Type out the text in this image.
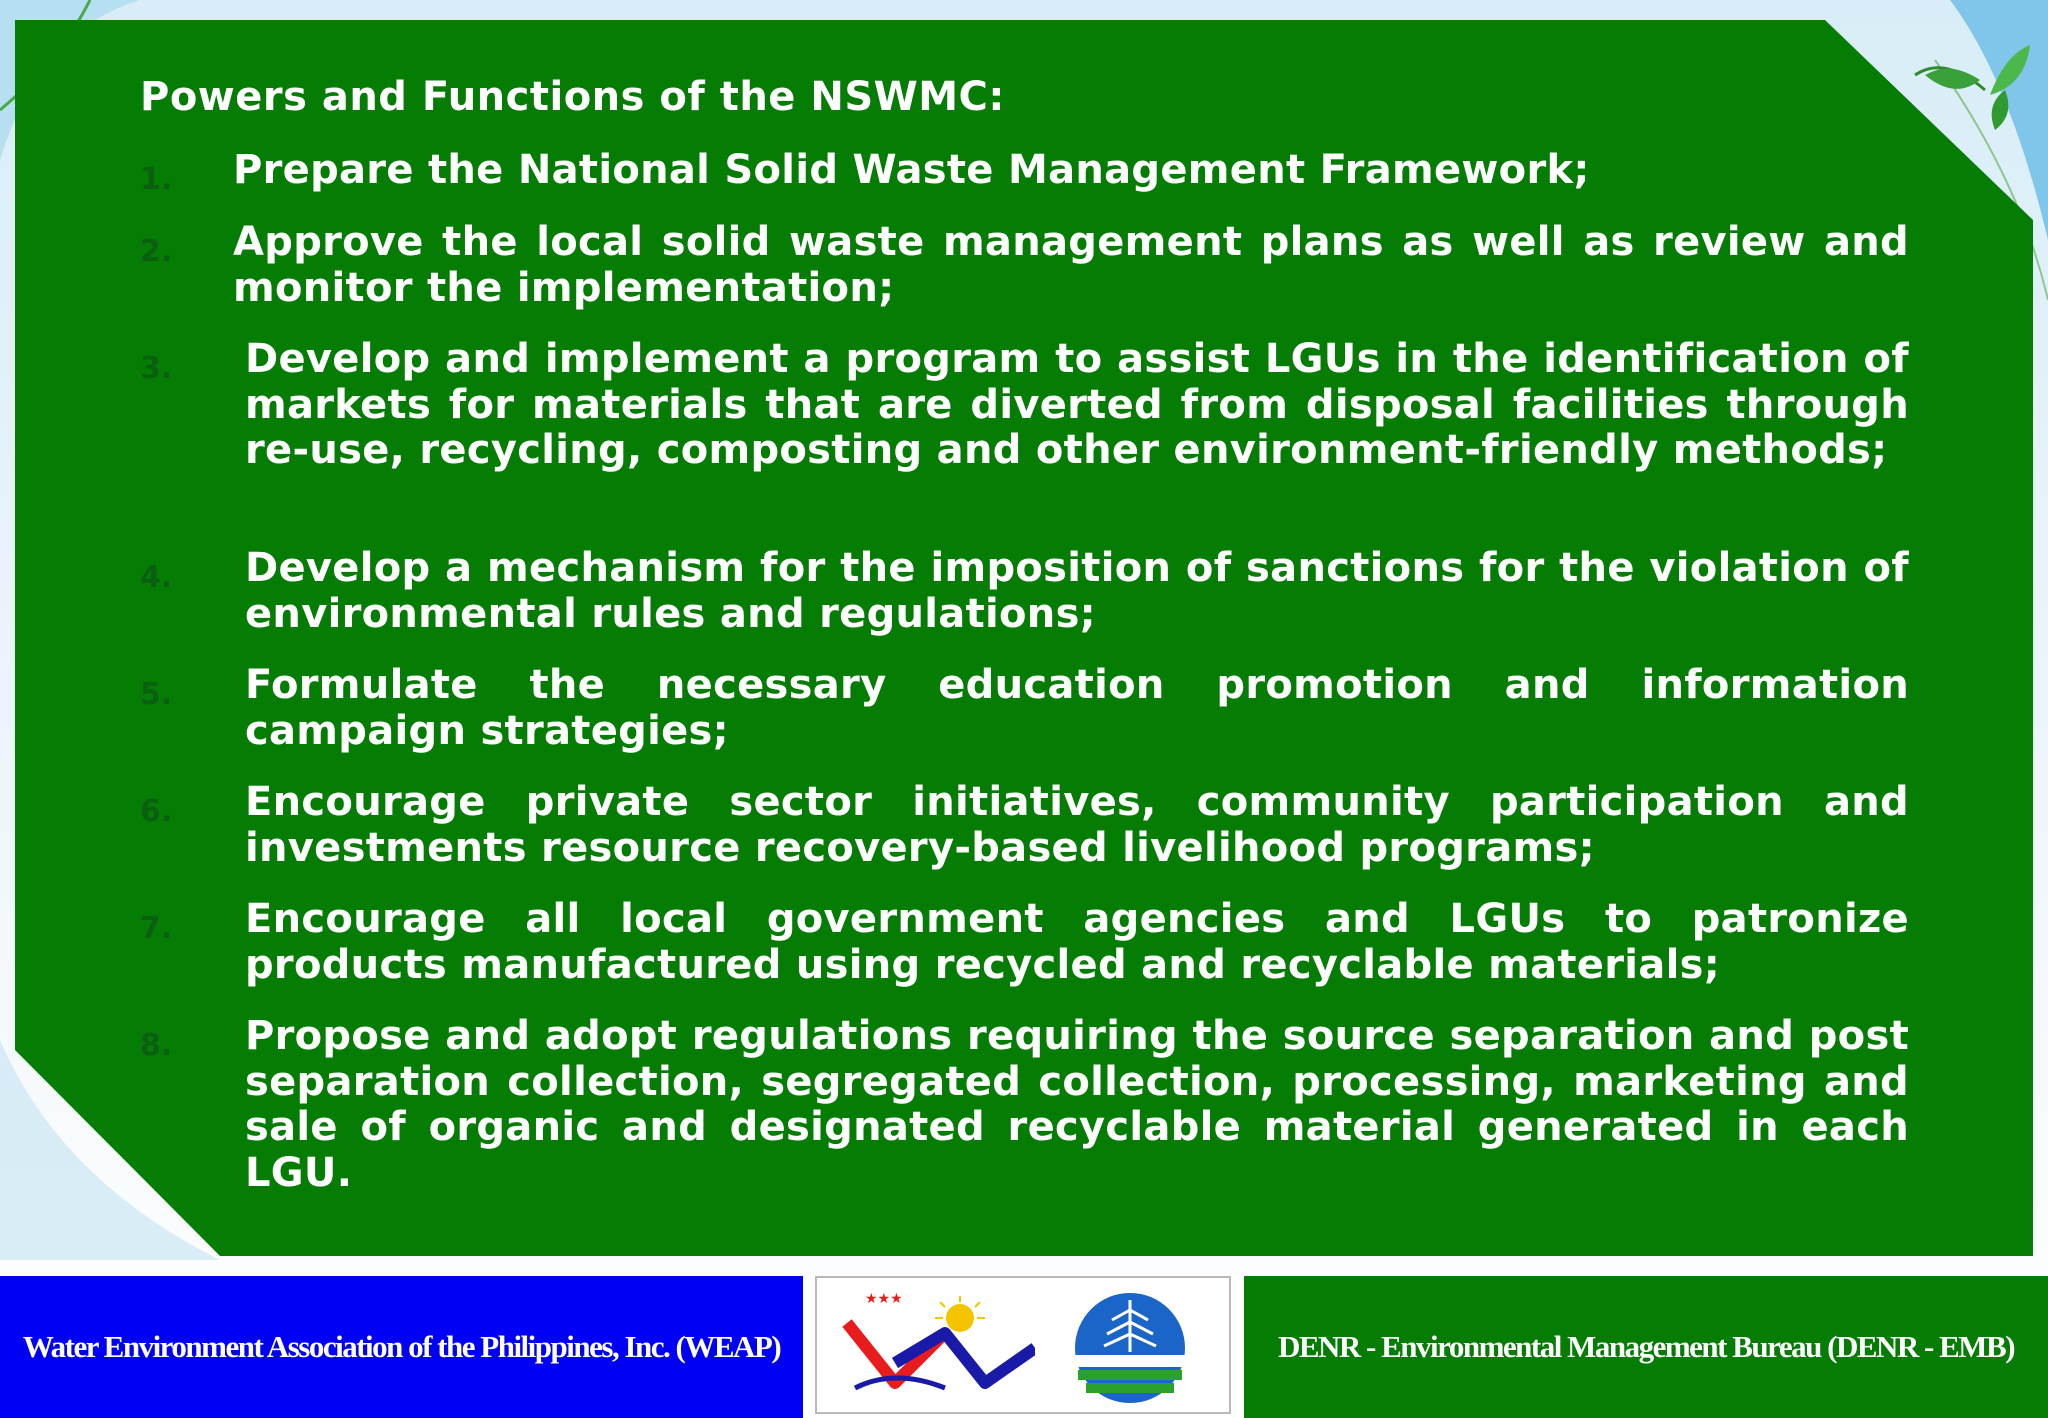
Powers and Functions of the NSWMC:
1. Prepare the National Solid Waste Management Framework;
2. Approve the local solid waste management plans as well as review and monitor the implementation;
3. Develop and implement a program to assist LGUs in the identification of markets for materials that are diverted from disposal facilities through re-use, recycling, composting and other environment-friendly methods;
4. Develop a mechanism for the imposition of sanctions for the violation of environmental rules and regulations;
5. Formulate the necessary education promotion and information campaign strategies;
6. Encourage private sector initiatives, community participation and investments resource recovery-based livelihood programs;
7. Encourage all local government agencies and LGUs to patronize products manufactured using recycled and recyclable materials;
8. Propose and adopt regulations requiring the source separation and post separation collection, segregated collection, processing, marketing and sale of organic and designated recyclable material generated in each LGU.
Water Environment Association of the Philippines, Inc. (WEAP)
★★★
DENR - Environmental Management Bureau (DENR - EMB)
